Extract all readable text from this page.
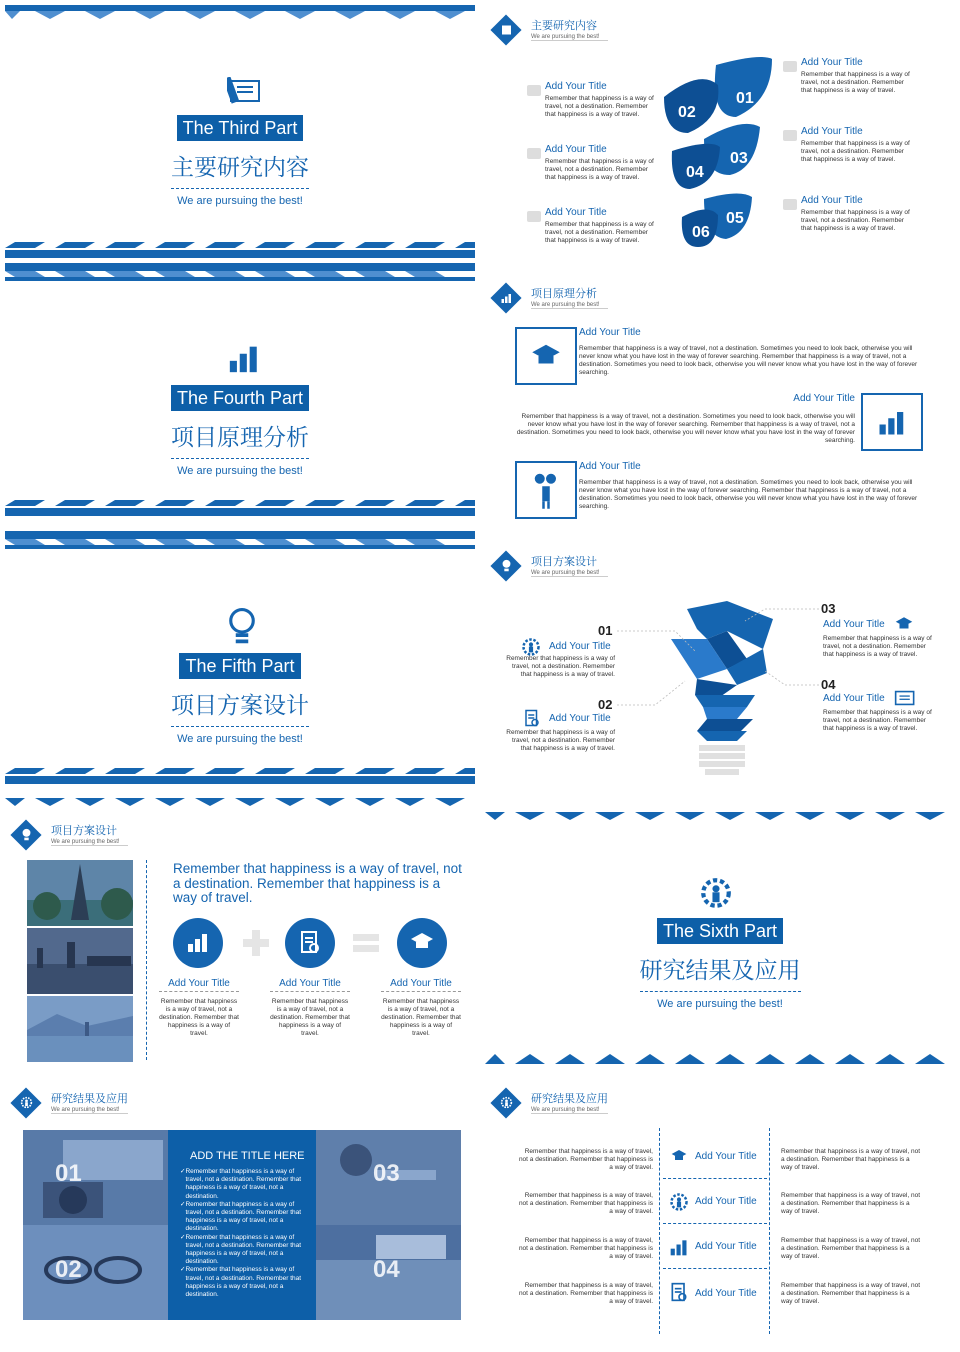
The Third Part
主要研究内容
We are pursuing the best!
主要研究内容
We are pursuing the best!
Add Your Title
Remember that happiness is a way of travel, not a destination. Remember that happiness is a way of travel.
Add Your Title
Remember that happiness is a way of travel, not a destination. Remember that happiness is a way of travel.
Add Your Title
Remember that happiness is a way of travel, not a destination. Remember that happiness is a way of travel.
01
02
03
04
05
06
Add Your Title
Remember that happiness is a way of travel, not a destination. Remember that happiness is a way of travel.
Add Your Title
Remember that happiness is a way of travel, not a destination. Remember that happiness is a way of travel.
Add Your Title
Remember that happiness is a way of travel, not a destination. Remember that happiness is a way of travel.
The Fourth Part
项目原理分析
We are pursuing the best!
项目原理分析
We are pursuing the best!
Add Your Title
Remember that happiness is a way of travel, not a destination. Sometimes you need to look back, otherwise you will never know what you have lost in the way of forever searching. Remember that happiness is a way of travel, not a destination. Sometimes you need to look back, otherwise you will never know what you have lost in the way of forever searching.
Add Your Title
Remember that happiness is a way of travel, not a destination. Sometimes you need to look back, otherwise you will never know what you have lost in the way of forever searching. Remember that happiness is a way of travel, not a destination. Sometimes you need to look back, otherwise you will never know what you have lost in the way of forever searching.
Add Your Title
Remember that happiness is a way of travel, not a destination. Sometimes you need to look back, otherwise you will never know what you have lost in the way of forever searching. Remember that happiness is a way of travel, not a destination. Sometimes you need to look back, otherwise you will never know what you have lost in the way of forever searching.
The Fifth Part
项目方案设计
We are pursuing the best!
项目方案设计
We are pursuing the best!
01
Add Your Title
Remember that happiness is a way of travel, not a destination. Remember that happiness is a way of travel.
02
Add Your Title
Remember that happiness is a way of travel, not a destination. Remember that happiness is a way of travel.
03
Add Your Title
Remember that happiness is a way of travel, not a destination. Remember that happiness is a way of travel.
04
Add Your Title
Remember that happiness is a way of travel, not a destination. Remember that happiness is a way of travel.
项目方案设计
We are pursuing the best!
Remember that happiness is a way of travel, not a destination. Remember that happiness is a way of travel.
Add Your Title
Remember that happiness is a way of travel, not a destination. Remember that happiness is a way of travel.
Add Your Title
Remember that happiness is a way of travel, not a destination. Remember that happiness is a way of travel.
Add Your Title
Remember that happiness is a way of travel, not a destination. Remember that happiness is a way of travel.
The Sixth Part
研究结果及应用
We are pursuing the best!
研究结果及应用
We are pursuing the best!
01
02
ADD THE TITLE HERE
✓ Remember that happiness is a way of travel, not a destination. Remember that happiness is a way of travel, not a destination.
✓ Remember that happiness is a way of travel, not a destination. Remember that happiness is a way of travel, not a destination.
✓ Remember that happiness is a way of travel, not a destination. Remember that happiness is a way of travel, not a destination.
✓ Remember that happiness is a way of travel, not a destination. Remember that happiness is a way of travel, not a destination.
03
04
研究结果及应用
We are pursuing the best!
Remember that happiness is a way of travel, not a destination. Remember that happiness is a way of travel.
Add Your Title	Remember that happiness is a way of travel, not a destination. Remember that happiness is a way of travel.
Remember that happiness is a way of travel, not a destination. Remember that happiness is a way of travel.
Add Your Title
Remember that happiness is a way of travel, not a destination. Remember that happiness is a way of travel.
Remember that happiness is a way of travel, not a destination. Remember that happiness is a way of travel.
Add Your Title
Remember that happiness is a way of travel, not a destination. Remember that happiness is a way of travel.
Remember that happiness is a way of travel, not a destination. Remember that happiness is a way of travel.
Add Your Title
Remember that happiness is a way of travel, not a destination. Remember that happiness is a way of travel.
